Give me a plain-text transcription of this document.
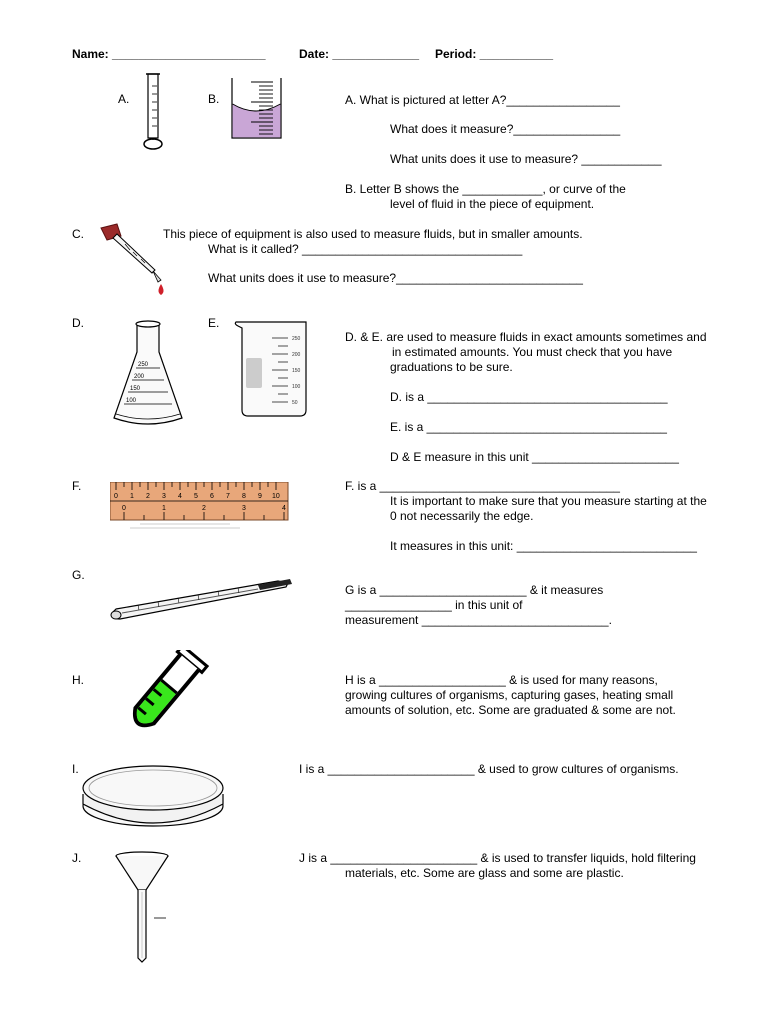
Name: _______________________	Date: _____________ Period: ___________
A.	B.	A. What is pictured at letter A?_________________
What does it measure?________________
What units does it use to measure? ____________
B. Letter B shows the ____________, or curve of the
level of fluid in the piece of equipment.
C.	This piece of equipment is also used to measure fluids, but in smaller amounts.
What is it called? _________________________________
What units does it use to measure?____________________________
D.
250
200
150
100
E.
250
200
150
100
50
D. & E. are used to measure fluids in exact amounts sometimes and
in estimated amounts. You must check that you have
graduations to be sure.
D. is a ____________________________________
E. is a ____________________________________
D & E measure in this unit ______________________
F.
0 1 2 3 4 5 6 7 8 9 10
0	1	2	3	4
F. is a ____________________________________
It is important to make sure that you measure starting at the
0 not necessarily the edge.
It measures in this unit: ___________________________
G.
G is a ______________________ & it measures
________________ in this unit of
measurement ____________________________.
H.	H is a ___________________ & is used for many reasons,
growing cultures of organisms, capturing gases, heating small
amounts of solution, etc. Some are graduated & some are not.
I.	I is a ______________________ & used to grow cultures of organisms.
J.	J is a ______________________ & is used to transfer liquids, hold filtering
materials, etc. Some are glass and some are plastic.
